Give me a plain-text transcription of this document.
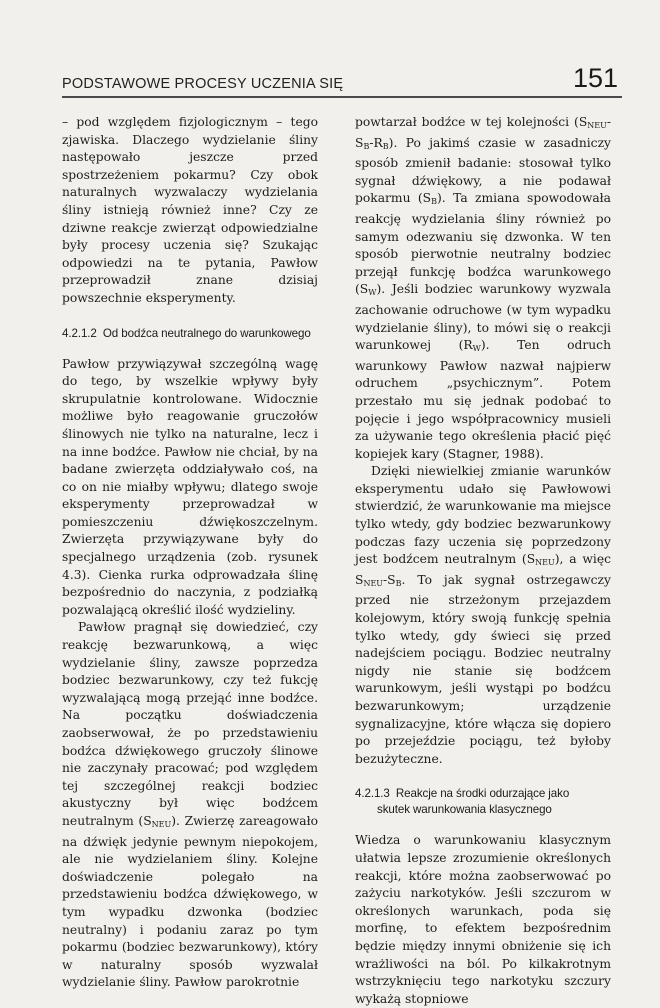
PODSTAWOWE PROCESY UCZENIA SIĘ	151

– pod względem fizjologicznym – tego zjawiska. Dlaczego wydzielanie śliny następowało jeszcze przed spostrzeżeniem pokarmu? Czy obok naturalnych wyzwalaczy wydzielania śliny istnieją również inne? Czy ze dziwne reakcje zwierząt odpowiedzialne były procesy uczenia się? Szukając odpowiedzi na te pytania, Pawłow przeprowadził znane dzisiaj powszechnie eksperymenty.

4.2.1.2 Od bodźca neutralnego do warunkowego

Pawłow przywiązywał szczególną wagę do tego, by wszelkie wpływy były skrupulatnie kontrolowane. Widocznie możliwe było reagowanie gruczołów ślinowych nie tylko na naturalne, lecz i na inne bodźce. Pawłow nie chciał, by na badane zwierzęta oddziaływało coś, na co on nie miałby wpływu; dlatego swoje eksperymenty przeprowadzał w pomieszczeniu dźwiękoszczelnym. Zwierzęta przywiązywane były do specjalnego urządzenia (zob. rysunek 4.3). Cienka rurka odprowadzała ślinę bezpośrednio do naczynia, z podziałką pozwalającą określić ilość wydzieliny.

Pawłow pragnął się dowiedzieć, czy reakcję bezwarunkową, a więc wydzielanie śliny, zawsze poprzedza bodziec bezwarunkowy, czy też fukcję wyzwalającą mogą przejąć inne bodźce. Na początku doświadczenia zaobserwował, że po przedstawieniu bodźca dźwiękowego gruczoły ślinowe nie zaczynały pracować; pod względem tej szczególnej reakcji bodziec akustyczny był więc bodźcem neutralnym (SNEU). Zwierzę zareagowało na dźwięk jedynie pewnym niepokojem, ale nie wydzielaniem śliny. Kolejne doświadczenie polegało na przedstawieniu bodźca dźwiękowego, w tym wypadku dzwonka (bodziec neutralny) i podaniu zaraz po tym pokarmu (bodziec bezwarunkowy), który w naturalny sposób wyzwalał wydzielanie śliny. Pawłow parokrotnie

powtarzał bodźce w tej kolejności (SNEU-SB-RB). Po jakimś czasie w zasadniczy sposób zmienił badanie: stosował tylko sygnał dźwiękowy, a nie podawał pokarmu (SB). Ta zmiana spowodowała reakcję wydzielania śliny również po samym odezwaniu się dzwonka. W ten sposób pierwotnie neutralny bodziec przejął funkcję bodźca warunkowego (SW). Jeśli bodziec warunkowy wyzwala zachowanie odruchowe (w tym wypadku wydzielanie śliny), to mówi się o reakcji warunkowej (RW). Ten odruch warunkowy Pawłow nazwał najpierw odruchem „psychicznym”. Potem przestało mu się jednak podobać to pojęcie i jego współpracownicy musieli za używanie tego określenia płacić pięć kopiejek kary (Stagner, 1988).

Dzięki niewielkiej zmianie warunków eksperymentu udało się Pawłowowi stwierdzić, że warunkowanie ma miejsce tylko wtedy, gdy bodziec bezwarunkowy podczas fazy uczenia się poprzedzony jest bodźcem neutralnym (SNEU), a więc SNEU-SB. To jak sygnał ostrzegawczy przed nie strzeżonym przejazdem kolejowym, który swoją funkcję spełnia tylko wtedy, gdy świeci się przed nadejściem pociągu. Bodziec neutralny nigdy nie stanie się bodźcem warunkowym, jeśli wystąpi po bodźcu bezwarunkowym; urządzenie sygnalizacyjne, które włącza się dopiero po przejeździe pociągu, też byłoby bezużyteczne.

4.2.1.3 Reakcje na środki odurzające jako
skutek warunkowania klasycznego

Wiedza o warunkowaniu klasycznym ułatwia lepsze zrozumienie określonych reakcji, które można zaobserwować po zażyciu narkotyków. Jeśli szczurom w określonych warunkach, poda się morfinę, to efektem bezpośrednim będzie między innymi obniżenie się ich wrażliwości na ból. Po kilkakrotnym wstrzyknięciu tego narkotyku szczury wykażą stopniowe
